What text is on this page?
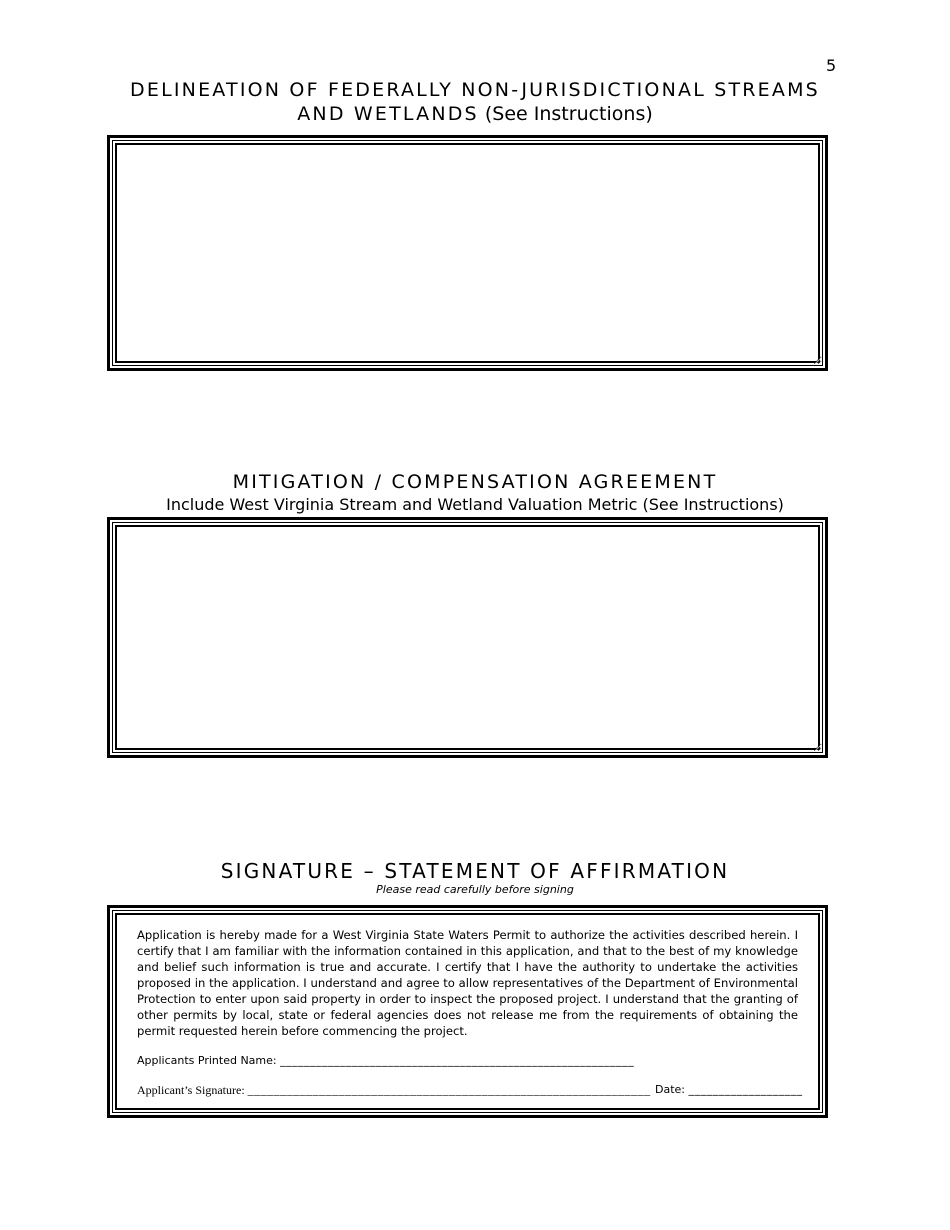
5
DELINEATION OF FEDERALLY NON-JURISDICTIONAL STREAMS
AND WETLANDS (See Instructions)
MITIGATION / COMPENSATION AGREEMENT
Include West Virginia Stream and Wetland Valuation Metric (See Instructions)
SIGNATURE – STATEMENT OF AFFIRMATION
Please read carefully before signing
Application is hereby made for a West Virginia State Waters Permit to authorize the activities described herein. I certify that I am familiar with the information contained in this application, and that to the best of my knowledge and belief such information is true and accurate. I certify that I have the authority to undertake the activities proposed in the application. I understand and agree to allow representatives of the Department of Environmental Protection to enter upon said property in order to inspect the proposed project. I understand that the granting of other permits by local, state or federal agencies does not release me from the requirements of obtaining the permit requested herein before commencing the project.
Applicants Printed Name: ___________________________________________________________
Applicant’s Signature: ______________________________________________________________ Date: ___________________
